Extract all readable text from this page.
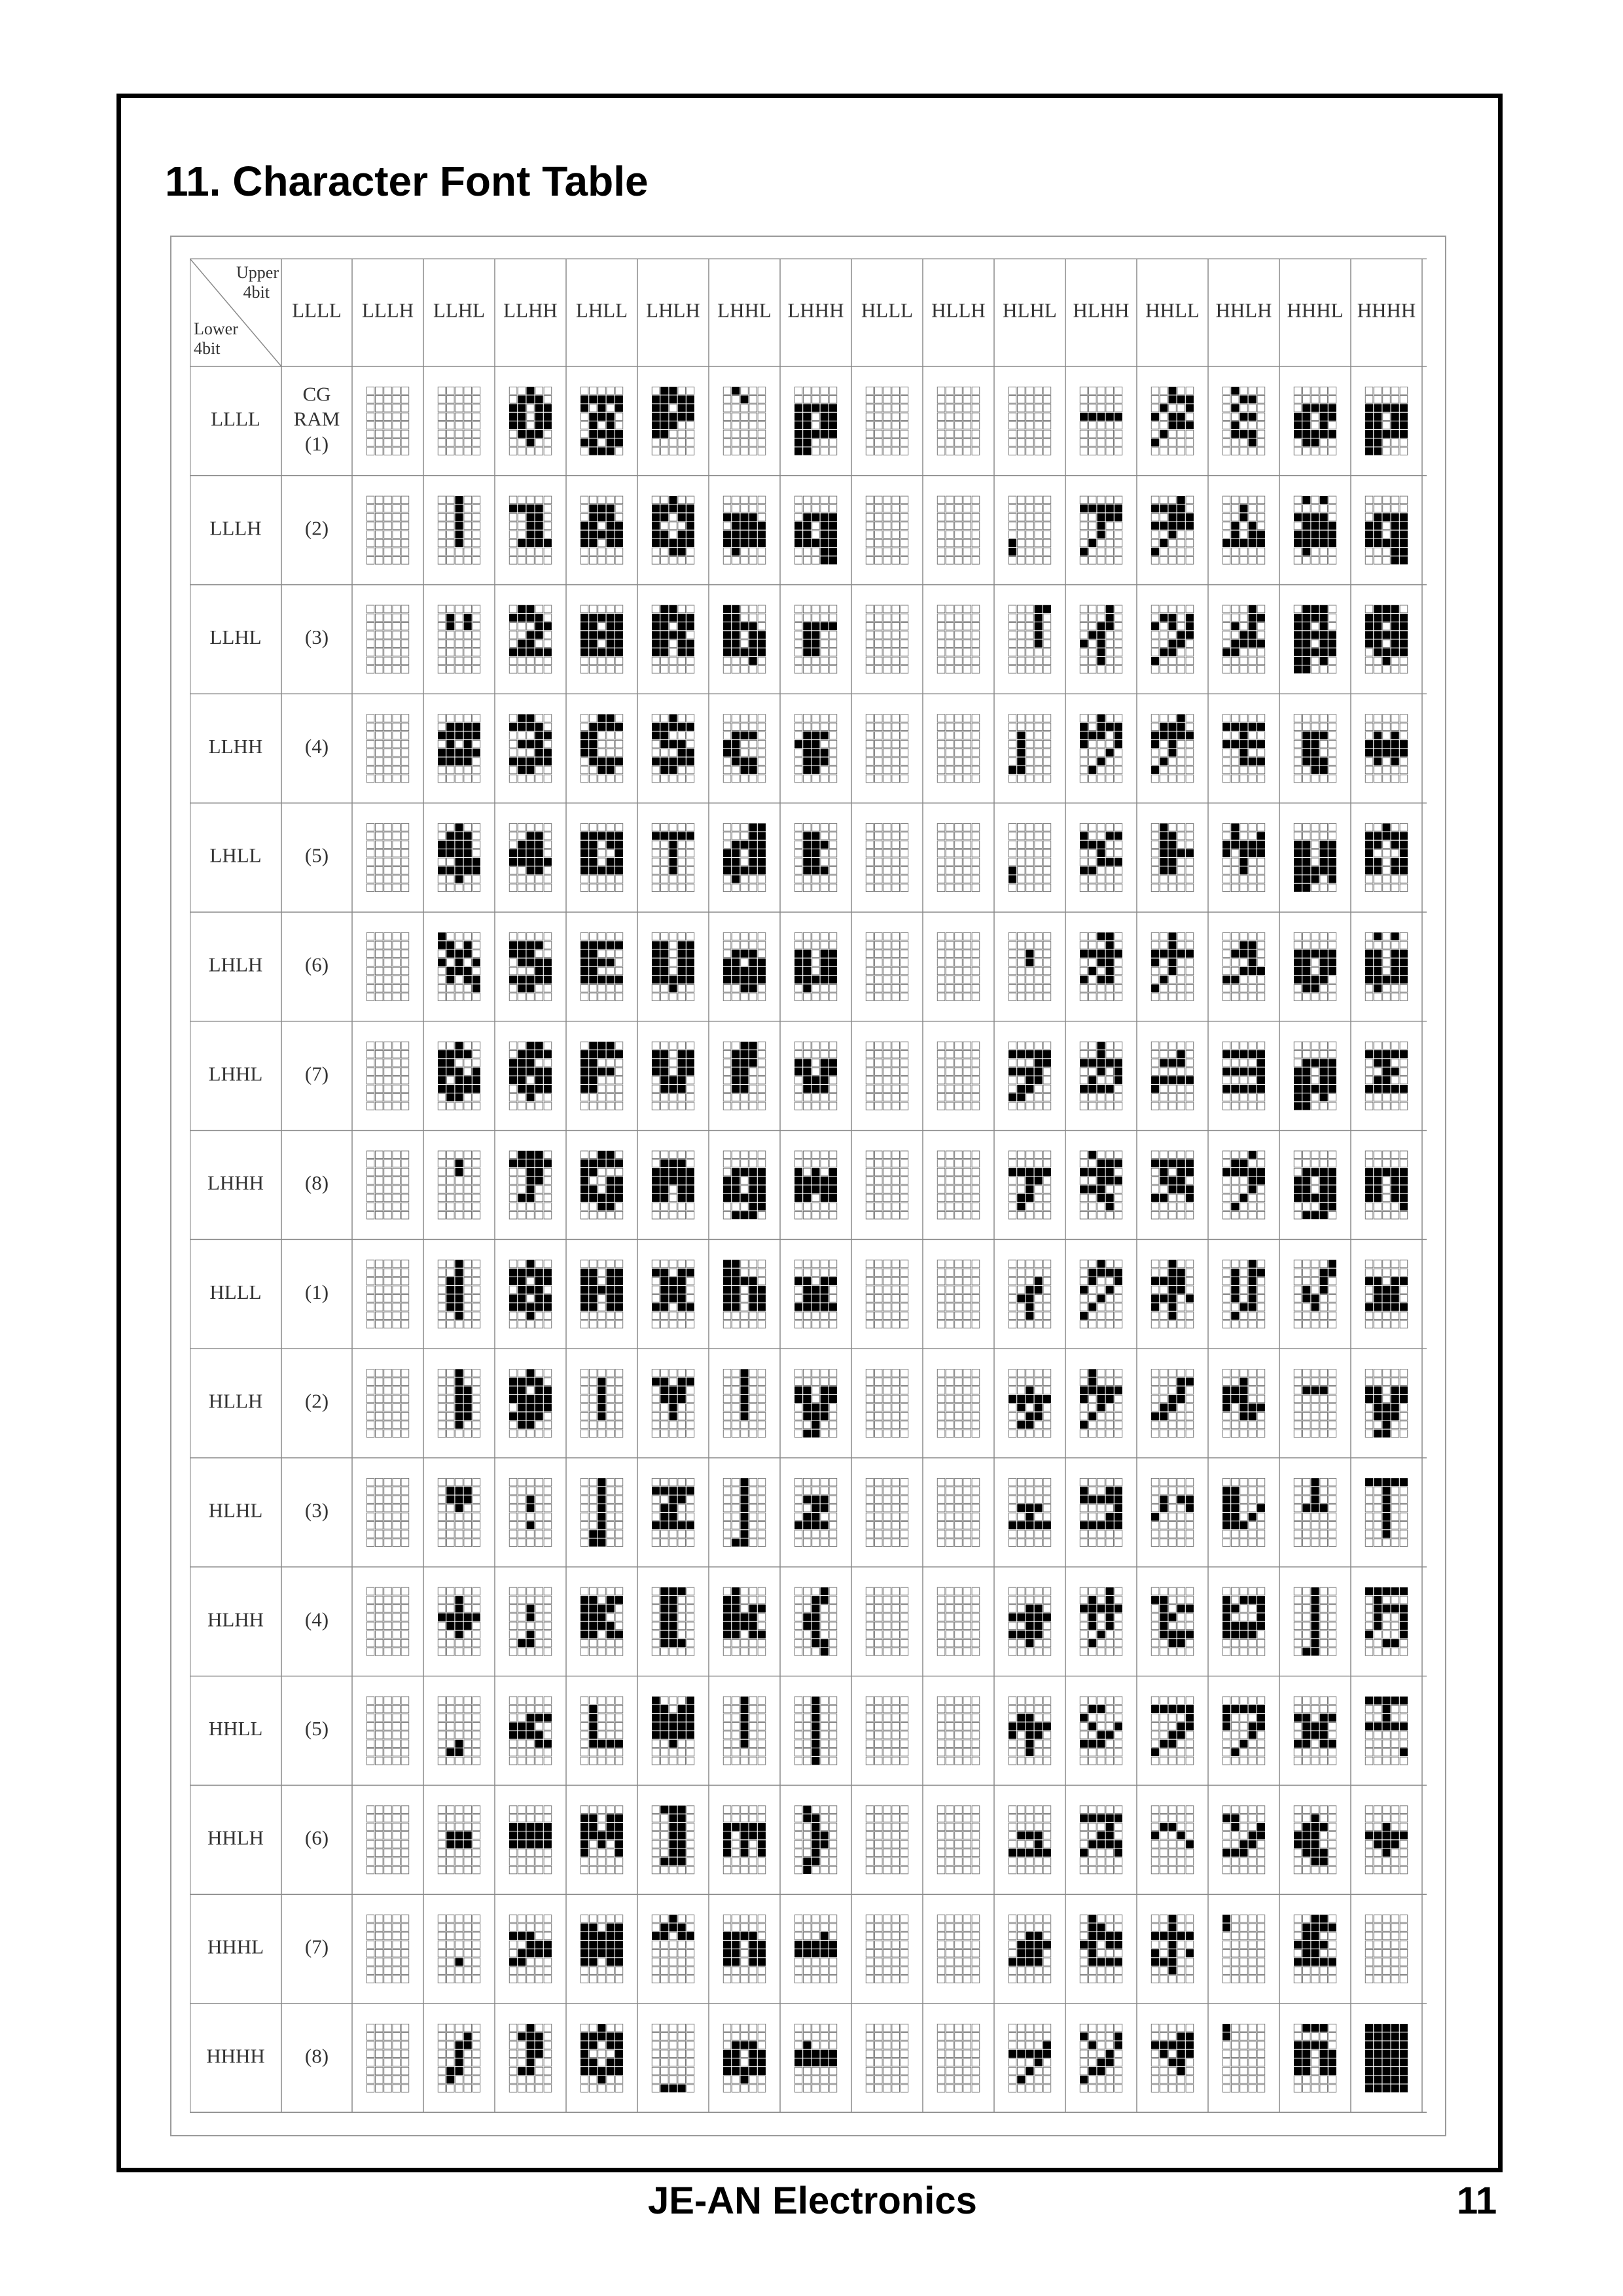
11. Character Font Table
Upper
4bit
Lower
4bit
LLLL LLLH LLHL LLHH LHLL LHLH LHHL LHHH HLLL HLLH HLHL HLHH HHLL HHLH HHHL HHHH
LLLL
LLLH
LLHL
LLHH
LHLL
LHLH
LHHL
LHHH
HLLL
HLLH
HLHL
HLHH
HHLL
HHLH
HHHL
HHHH
CG
RAM
(1)
(2)
(3)
(4)
(5)
(6)
(7)
(8)
(1)
(2)
(3)
(4)
(5)
(6)
(7)
(8)
JE-AN Electronics	11
